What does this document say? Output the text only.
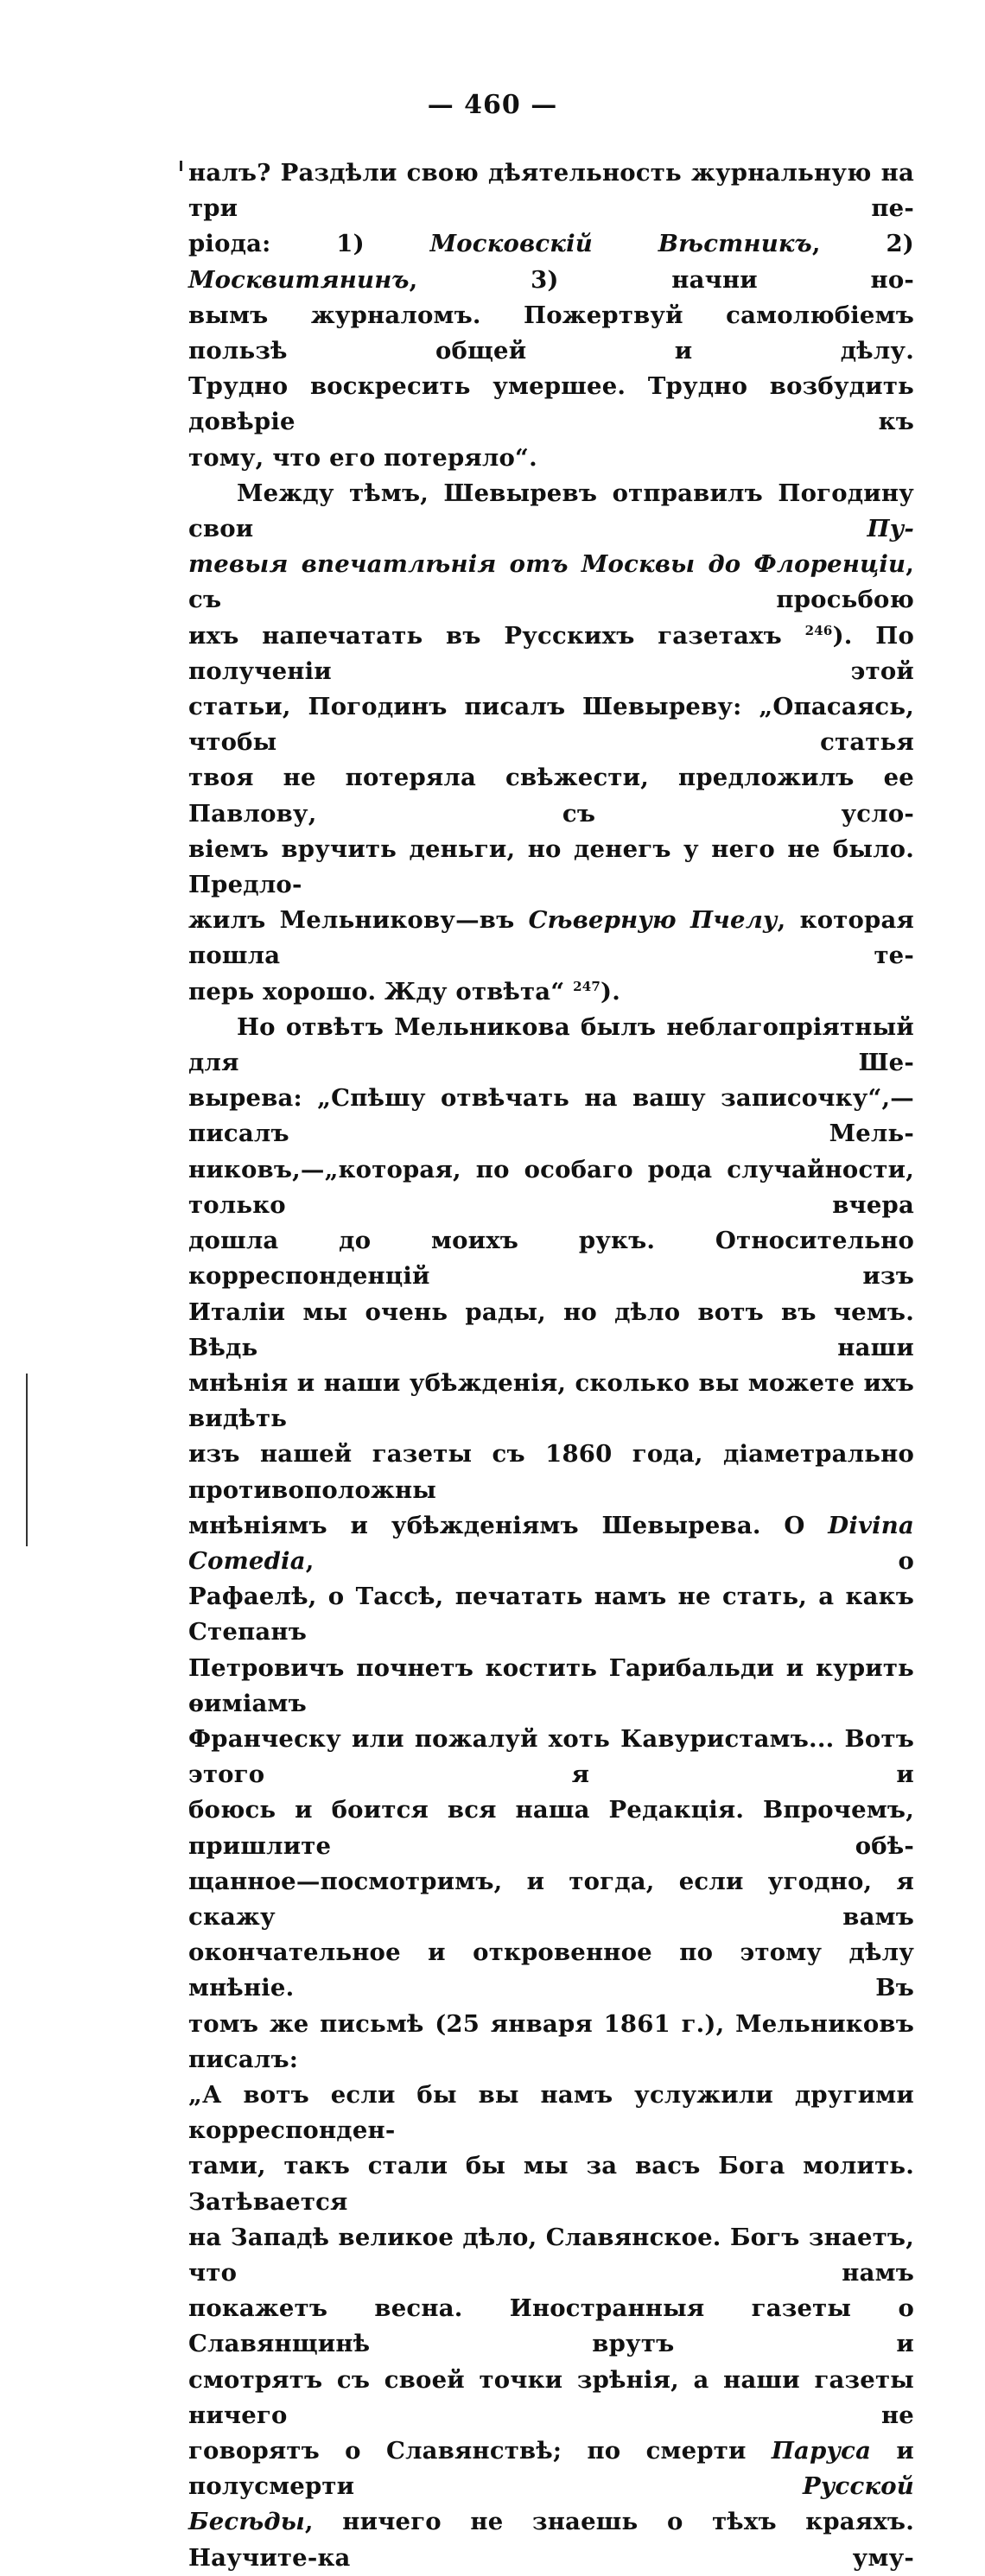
— 460 —

налъ? Раздѣли свою дѣятельность журнальную на три пе-

ріода: 1) Московскій Вѣстникъ, 2) Москвитянинъ, 3) начни но-

вымъ журналомъ. Пожертвуй самолюбіемъ пользѣ общей и дѣлу.

Трудно воскресить умершее. Трудно возбудить довѣріе къ

тому, что его потеряло“.

Между тѣмъ, Шевыревъ отправилъ Погодину свои Пу-

тевыя впечатлѣнія отъ Москвы до Флоренціи, съ просьбою

ихъ напечатать въ Русскихъ газетахъ $^{246}$). По полученіи этой

статьи, Погодинъ писалъ Шевыреву: „Опасаясь, чтобы статья

твоя не потеряла свѣжести, предложилъ ее Павлову, съ усло-

віемъ вручить деньги, но денегъ у него не было. Предло-

жилъ Мельникову—въ Сѣверную Пчелу, которая пошла те-

перь хорошо. Жду отвѣта“ $^{247}$).

Но отвѣтъ Мельникова былъ неблагопріятный для Ше-

вырева: „Спѣшу отвѣчать на вашу записочку“,—писалъ Мель-

никовъ,—„которая, по особаго рода случайности, только вчера

дошла до моихъ рукъ. Относительно корреспонденцій изъ

Италіи мы очень рады, но дѣло вотъ въ чемъ. Вѣдь наши

мнѣнія и наши убѣжденія, сколько вы можете ихъ видѣть

изъ нашей газеты съ 1860 года, діаметрально противоположны

мнѣніямъ и убѣжденіямъ Шевырева. О Divina Comedia, о

Рафаелѣ, о Тассѣ, печатать намъ не стать, а какъ Степанъ

Петровичъ почнетъ костить Гарибальди и курить ѳиміамъ

Франческу или пожалуй хоть Кавуристамъ... Вотъ этого я и

боюсь и боится вся наша Редакція. Впрочемъ, пришлите обѣ-

щанное—посмотримъ, и тогда, если угодно, я скажу вамъ

окончательное и откровенное по этому дѣлу мнѣніе. Въ

томъ же письмѣ (25 января 1861 г.), Мельниковъ писалъ:

„А вотъ если бы вы намъ услужили другими корреспонден-

тами, такъ стали бы мы за васъ Бога молить. Затѣвается

на Западѣ великое дѣло, Славянское. Богъ знаетъ, что намъ

покажетъ весна. Иностранныя газеты о Славянщинѣ врутъ и

смотрятъ съ своей точки зрѣнія, а наши газеты ничего не

говорятъ о Славянствѣ; по смерти Паруса и полусмерти Русской

Бесѣды, ничего не знаешь о тѣхъ краяхъ. Научите-ка уму-
